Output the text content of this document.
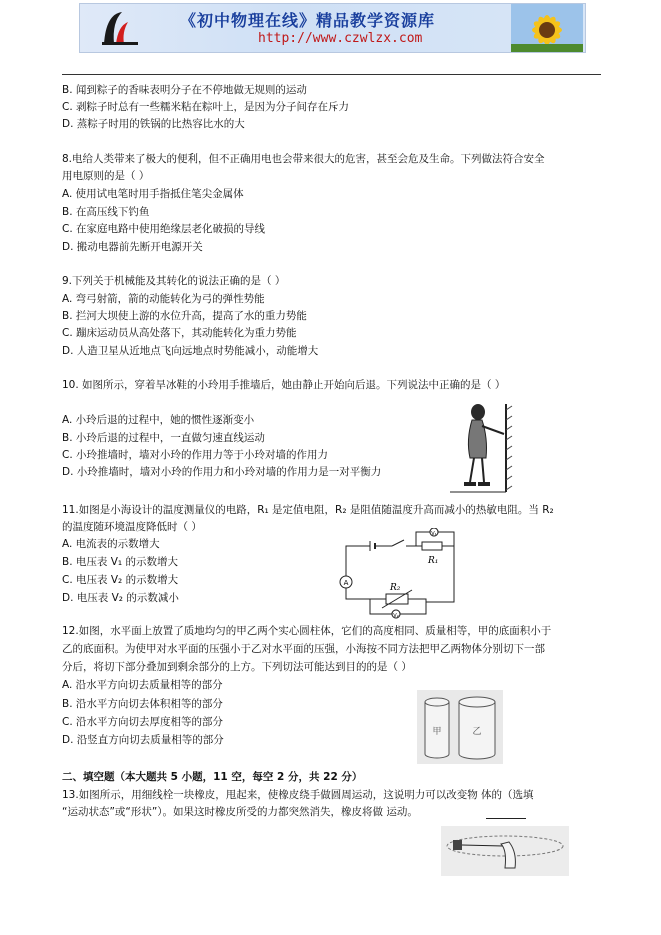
《初中物理在线》精品教学资源库
http://www.czwlzx.com
B. 闻到粽子的香味表明分子在不停地做无规则的运动
C. 剥粽子时总有一些糯米粘在粽叶上，是因为分子间存在斥力
D. 蒸粽子时用的铁锅的比热容比水的大
8.电给人类带来了极大的便利，但不正确用电也会带来很大的危害，甚至会危及生命。下列做法符合安全
用电原则的是（ ）
A. 使用试电笔时用手指抵住笔尖金属体
B. 在高压线下钓鱼
C. 在家庭电路中使用绝缘层老化破损的导线
D. 搬动电器前先断开电源开关
9.下列关于机械能及其转化的说法正确的是（ ）
A. 弯弓射箭，箭的动能转化为弓的弹性势能
B. 拦河大坝使上游的水位升高，提高了水的重力势能
C. 蹦床运动员从高处落下，其动能转化为重力势能
D. 人造卫星从近地点飞向远地点时势能减小，动能增大
10. 如图所示，穿着旱冰鞋的小玲用手推墙后，她由静止开始向后退。下列说法中正确的是（ ）
A. 小玲后退的过程中，她的惯性逐渐变小
B. 小玲后退的过程中，一直做匀速直线运动
C. 小玲推墙时，墙对小玲的作用力等于小玲对墙的作用力
D. 小玲推墙时，墙对小玲的作用力和小玲对墙的作用力是一对平衡力
11.如图是小海设计的温度测量仪的电路，R₁ 是定值电阻，R₂ 是阻值随温度升高而减小的热敏电阻。当 R₂
的温度随环境温度降低时（ ）
A. 电流表的示数增大
B. 电压表 V₁ 的示数增大
C. 电压表 V₂ 的示数增大
D. 电压表 V₂ 的示数减小
A
V₁
V₂
R₁
R₂
12.如图，水平面上放置了质地均匀的甲乙两个实心圆柱体，它们的高度相同、质量相等，甲的底面积小于
乙的底面积。为使甲对水平面的压强小于乙对水平面的压强，小海按不同方法把甲乙两物体分别切下一部
分后，将切下部分叠加到剩余部分的上方。下列切法可能达到目的的是（ ）
A. 沿水平方向切去质量相等的部分
B. 沿水平方向切去体积相等的部分
C. 沿水平方向切去厚度相等的部分
D. 沿竖直方向切去质量相等的部分
甲	乙
二、填空题（本大题共 5 小题，11 空，每空 2 分，共 22 分）
13.如图所示，用细线栓一块橡皮，甩起来，使橡皮绕手做圆周运动，这说明力可以改变物 体的（选填
“运动状态”或“形状”）。如果这时橡皮所受的力都突然消失，橡皮将做 运动。
